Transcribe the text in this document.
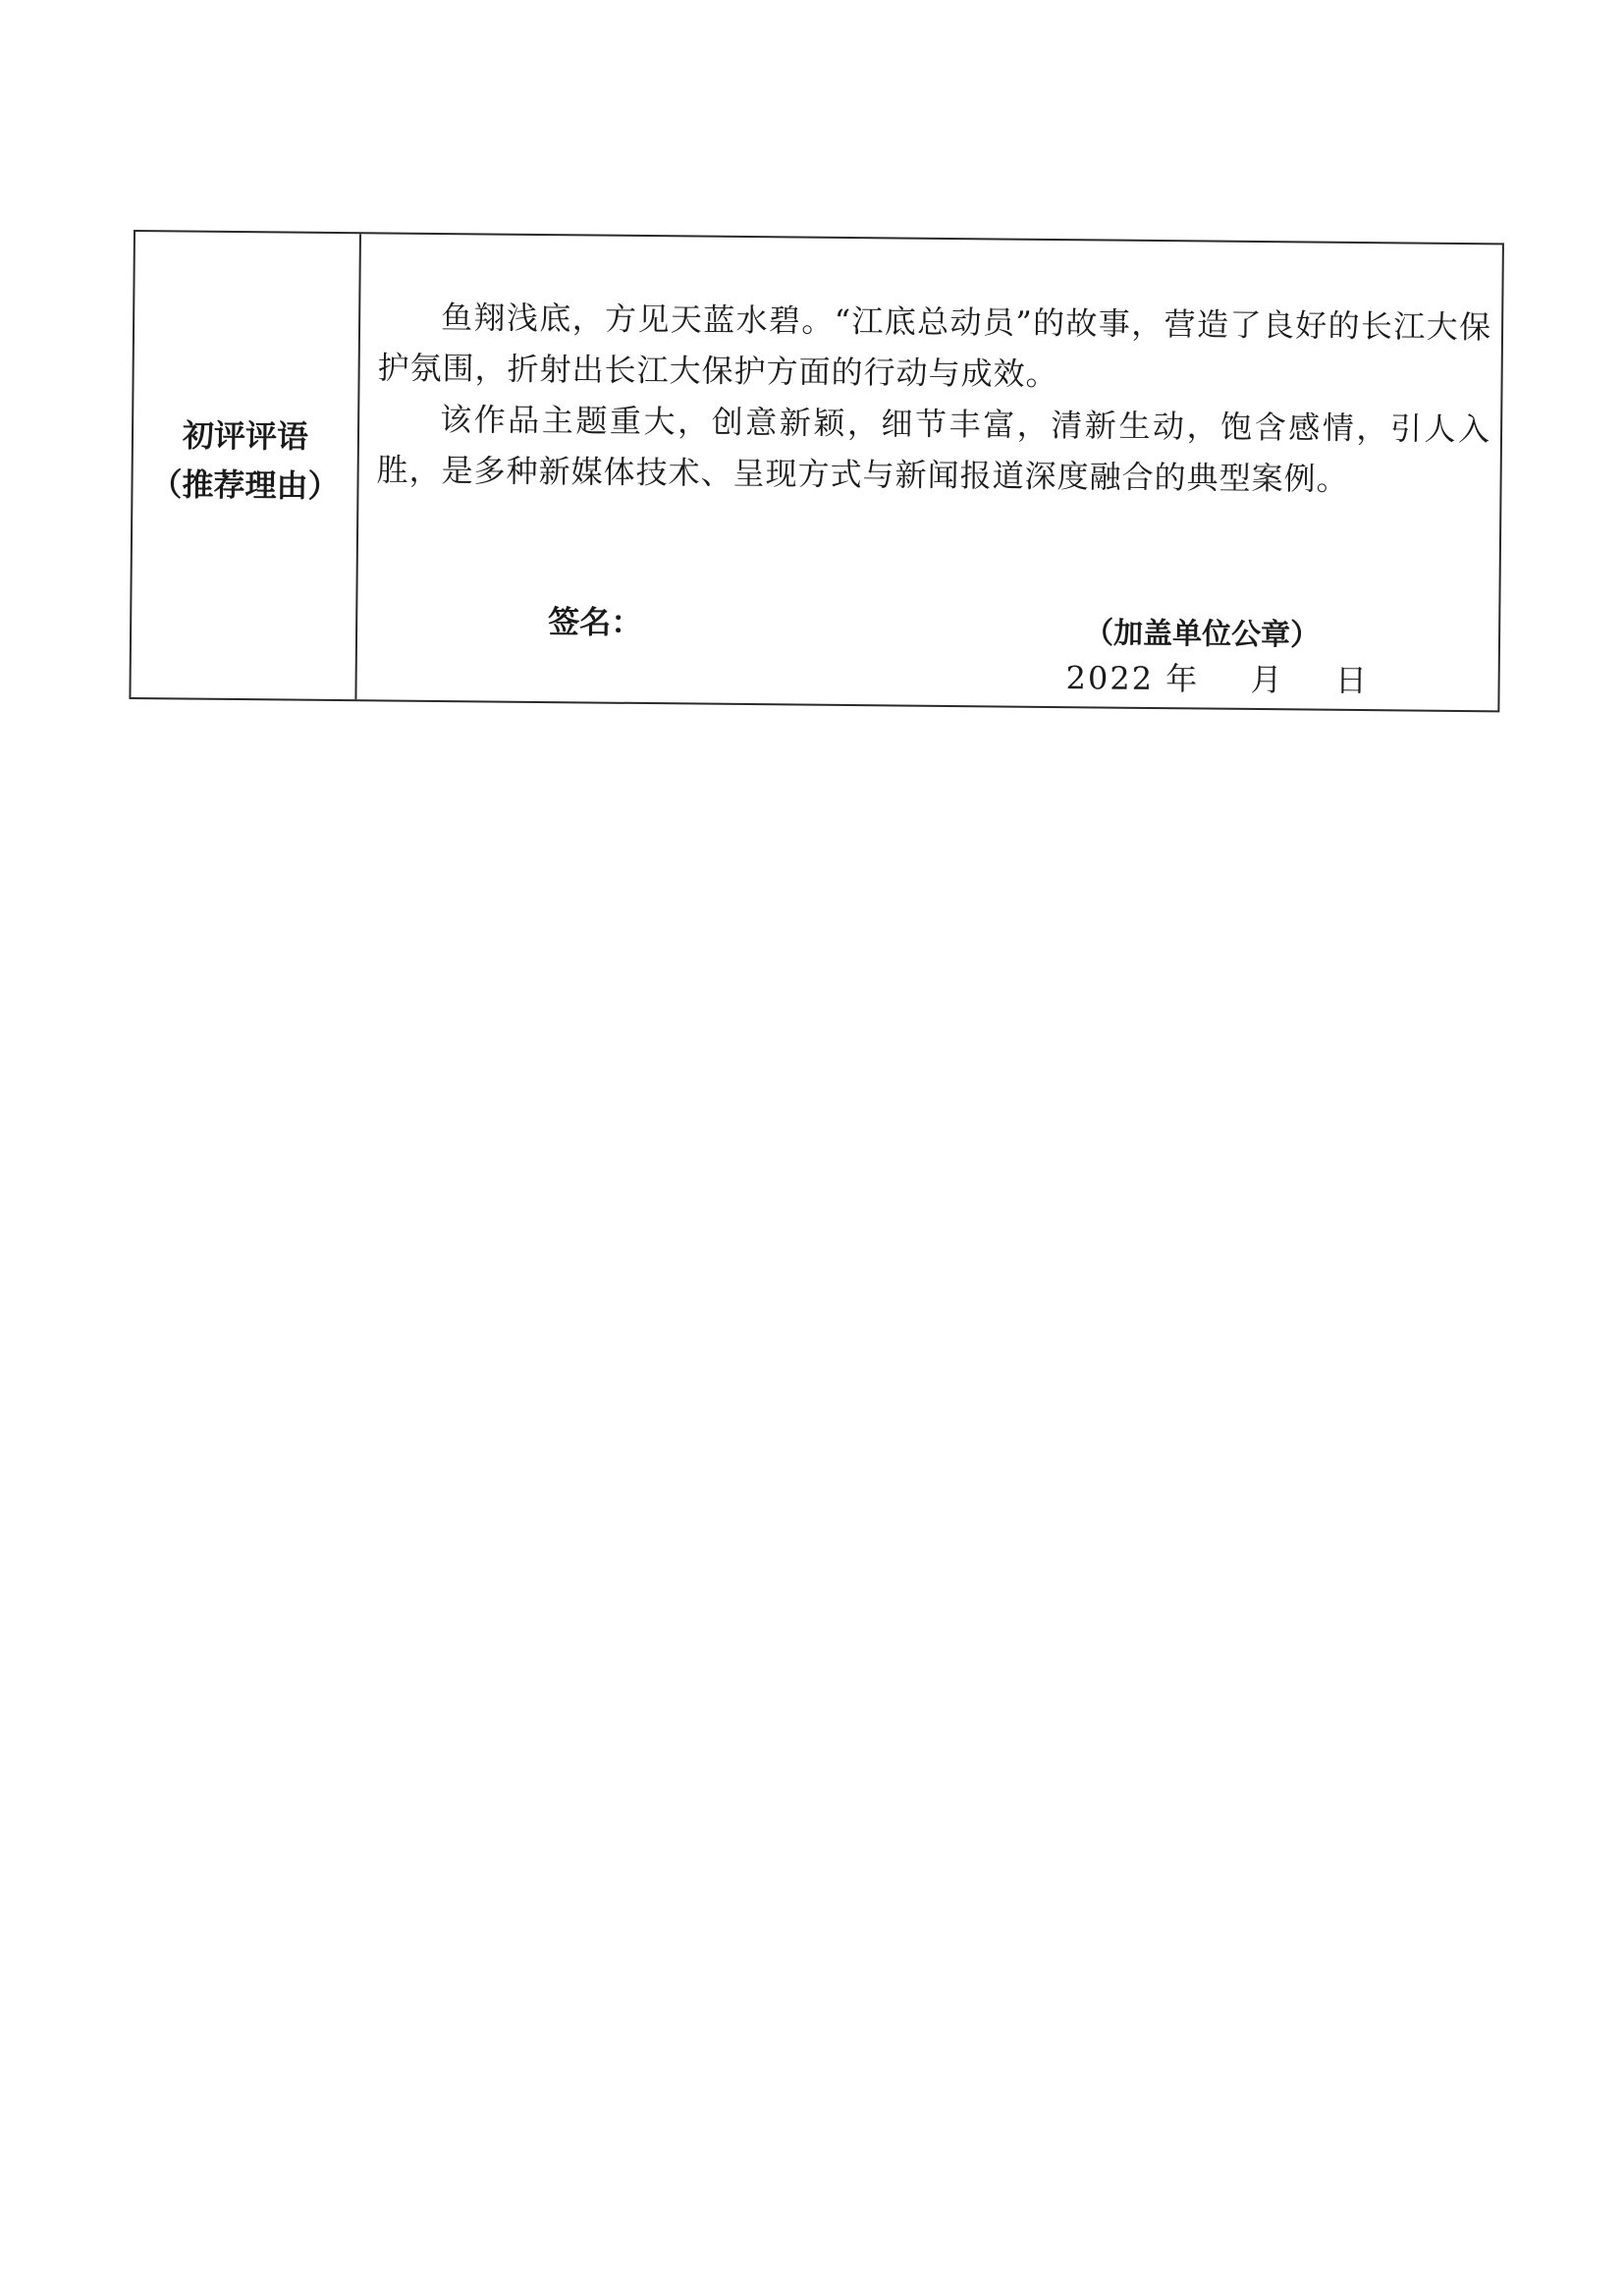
初评评语
（推荐理由）

鱼翔浅底，方见天蓝水碧。“江底总动员”的故事，营造了良好的长江大保护氛围，折射出长江大保护方面的行动与成效。

该作品主题重大，创意新颖，细节丰富，清新生动，饱含感情，引人入胜，是多种新媒体技术、呈现方式与新闻报道深度融合的典型案例。

签名：	（加盖单位公章）
2022 年 月 日
